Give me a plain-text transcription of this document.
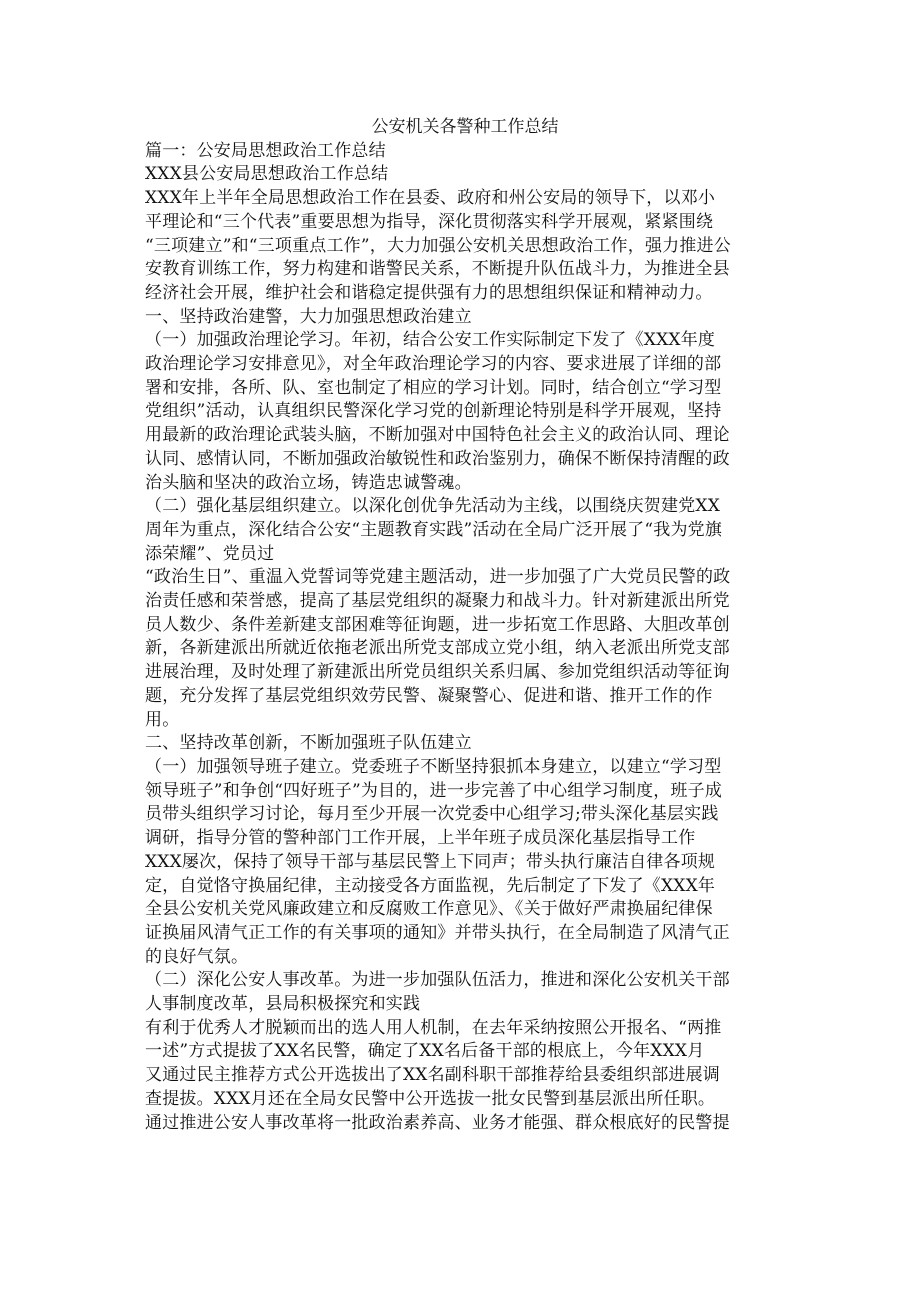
公安机关各警种工作总结

篇一：公安局思想政治工作总结

XXX县公安局思想政治工作总结

XXX年上半年全局思想政治工作在县委、政府和州公安局的领导下，以邓小

平理论和“三个代表”重要思想为指导，深化贯彻落实科学开展观，紧紧围绕

“三项建立”和“三项重点工作”，大力加强公安机关思想政治工作，强力推进公

安教育训练工作，努力构建和谐警民关系，不断提升队伍战斗力，为推进全县

经济社会开展，维护社会和谐稳定提供强有力的思想组织保证和精神动力。

一、坚持政治建警，大力加强思想政治建立

（一）加强政治理论学习。年初，结合公安工作实际制定下发了《XXX年度

政治理论学习安排意见》，对全年政治理论学习的内容、要求进展了详细的部

署和安排，各所、队、室也制定了相应的学习计划。同时，结合创立“学习型

党组织”活动，认真组织民警深化学习党的创新理论特别是科学开展观，坚持

用最新的政治理论武装头脑，不断加强对中国特色社会主义的政治认同、理论

认同、感情认同，不断加强政治敏锐性和政治鉴别力，确保不断保持清醒的政

治头脑和坚决的政治立场，铸造忠诚警魂。

（二）强化基层组织建立。以深化创优争先活动为主线，以围绕庆贺建党XX

周年为重点，深化结合公安“主题教育实践”活动在全局广泛开展了“我为党旗

添荣耀”、党员过

“政治生日”、重温入党誓词等党建主题活动，进一步加强了广大党员民警的政

治责任感和荣誉感，提高了基层党组织的凝聚力和战斗力。针对新建派出所党

员人数少、条件差新建支部困难等征询题，进一步拓宽工作思路、大胆改革创

新，各新建派出所就近依拖老派出所党支部成立党小组，纳入老派出所党支部

进展治理，及时处理了新建派出所党员组织关系归属、参加党组织活动等征询

题，充分发挥了基层党组织效劳民警、凝聚警心、促进和谐、推开工作的作

用。

二、坚持改革创新，不断加强班子队伍建立

（一）加强领导班子建立。党委班子不断坚持狠抓本身建立，以建立“学习型

领导班子”和争创“四好班子”为目的，进一步完善了中心组学习制度，班子成

员带头组织学习讨论，每月至少开展一次党委中心组学习;带头深化基层实践

调研，指导分管的警种部门工作开展，上半年班子成员深化基层指导工作

XXX屡次，保持了领导干部与基层民警上下同声；带头执行廉洁自律各项规

定，自觉恪守换届纪律，主动接受各方面监视，先后制定了下发了《XXX年

全县公安机关党风廉政建立和反腐败工作意见》、《关于做好严肃换届纪律保

证换届风清气正工作的有关事项的通知》并带头执行，在全局制造了风清气正

的良好气氛。

（二）深化公安人事改革。为进一步加强队伍活力，推进和深化公安机关干部

人事制度改革，县局积极探究和实践

有利于优秀人才脱颖而出的选人用人机制，在去年采纳按照公开报名、“两推

一述”方式提拔了XX名民警，确定了XX名后备干部的根底上，今年XXX月

又通过民主推荐方式公开选拔出了XX名副科职干部推荐给县委组织部进展调

查提拔。XXX月还在全局女民警中公开选拔一批女民警到基层派出所任职。

通过推进公安人事改革将一批政治素养高、业务才能强、群众根底好的民警提
